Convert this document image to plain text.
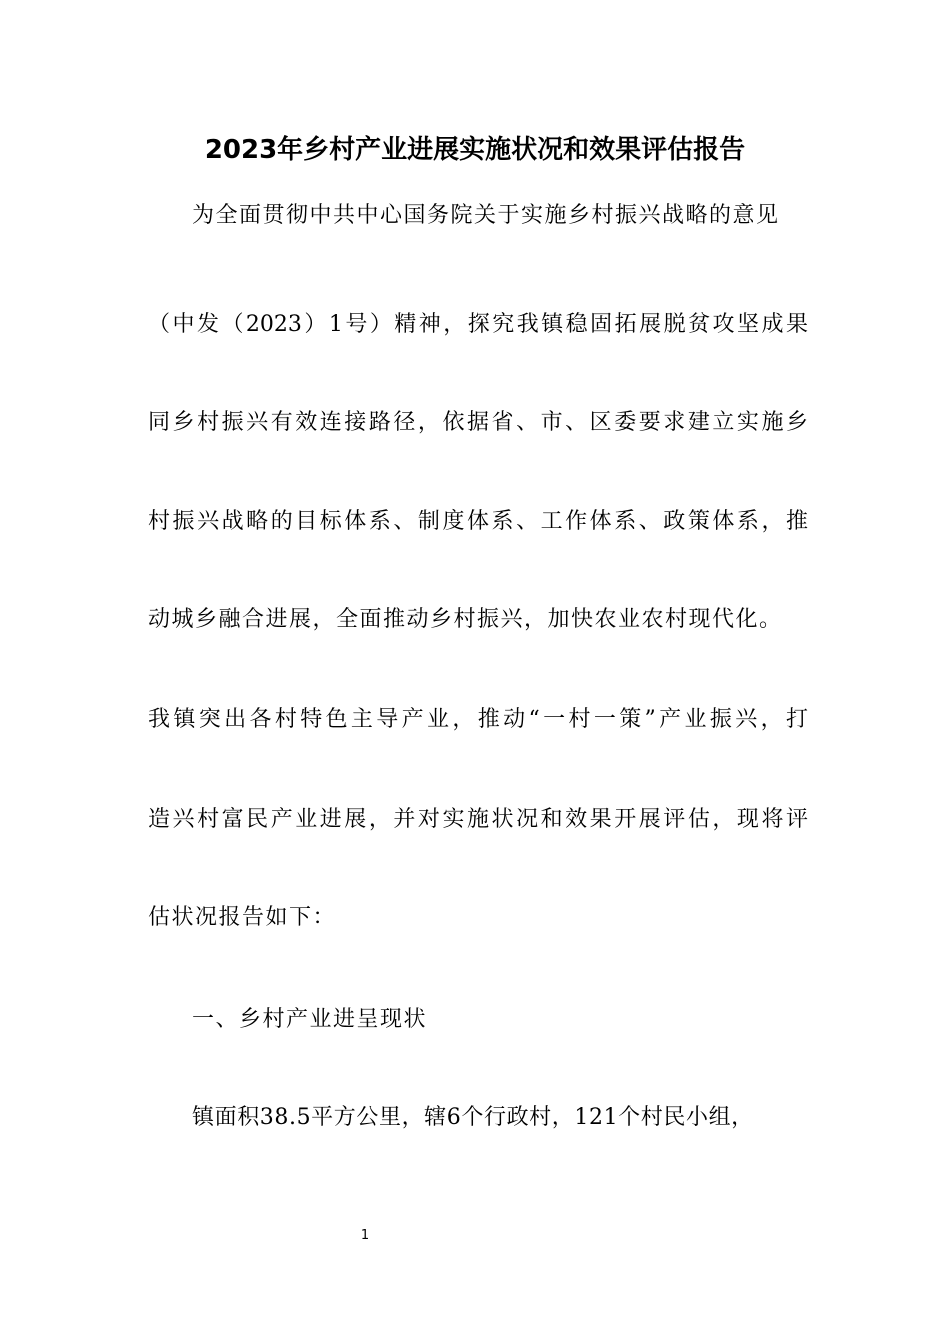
2023年乡村产业进展实施状况和效果评估报告
为全面贯彻中共中心国务院关于实施乡村振兴战略的意见
（中发（2023）1号）精神，探究我镇稳固拓展脱贫攻坚成果
同乡村振兴有效连接路径，依据省、市、区委要求建立实施乡
村振兴战略的目标体系、制度体系、工作体系、政策体系，推
动城乡融合进展，全面推动乡村振兴，加快农业农村现代化。
我镇突出各村特色主导产业，推动“一村一策”产业振兴，打
造兴村富民产业进展，并对实施状况和效果开展评估，现将评
估状况报告如下：
一、乡村产业进呈现状
镇面积38.5平方公里，辖6个行政村，121个村民小组，
1
